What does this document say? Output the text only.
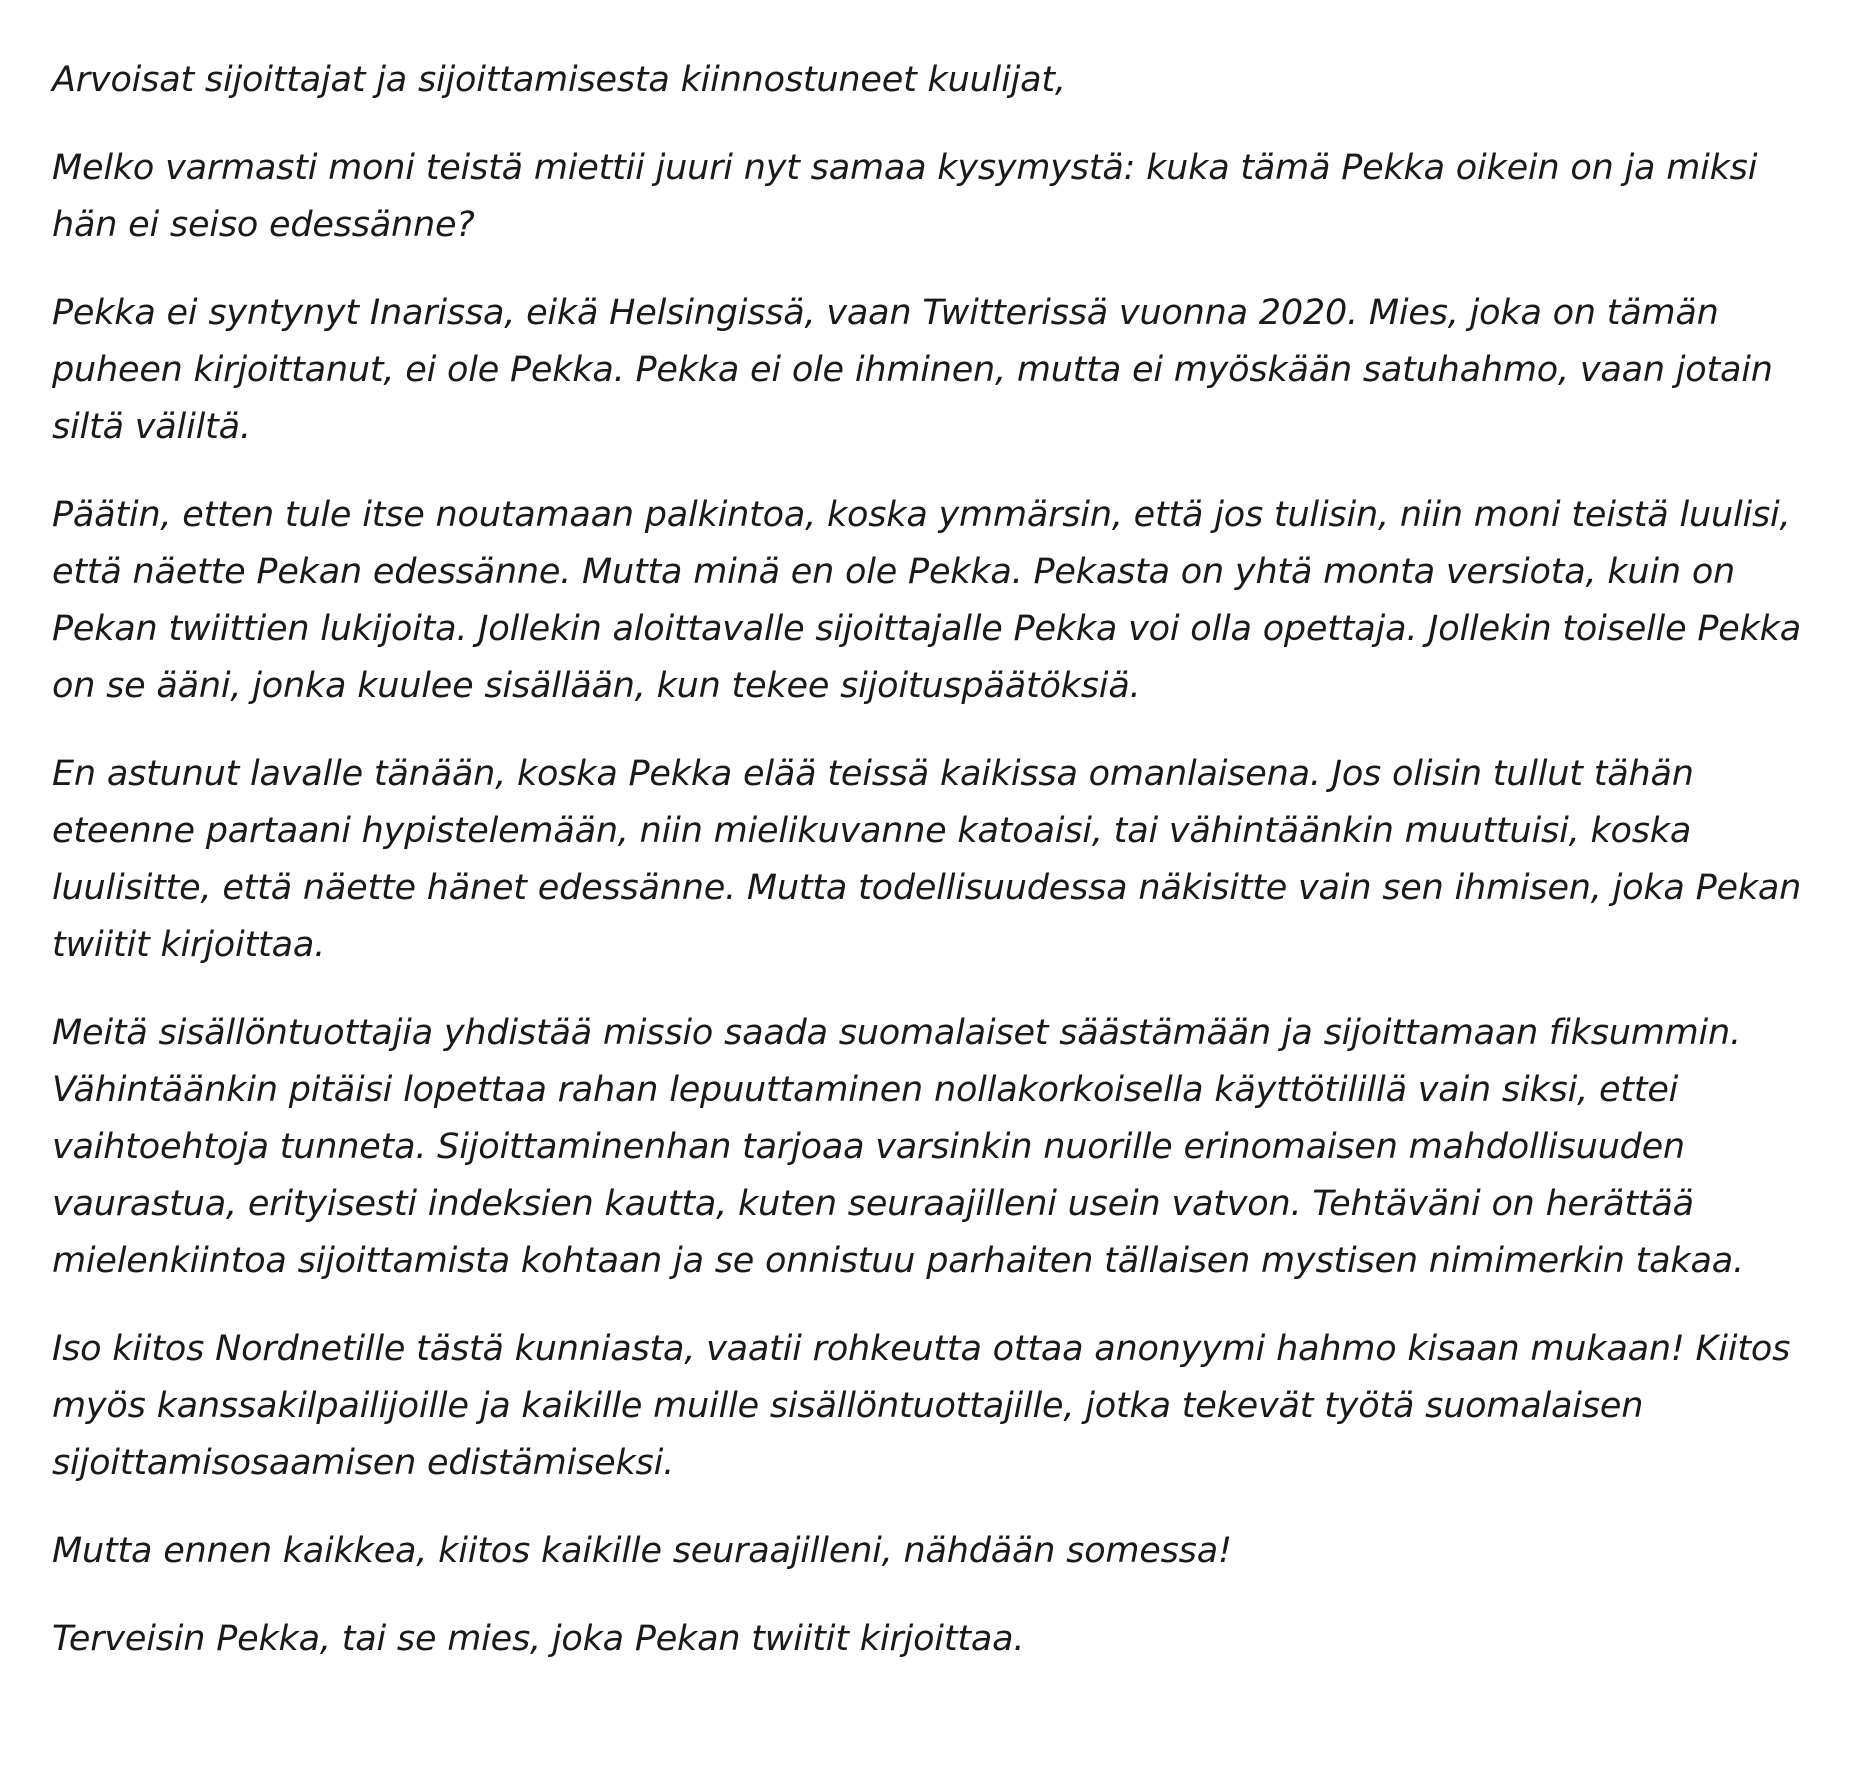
Arvoisat sijoittajat ja sijoittamisesta kiinnostuneet kuulijat,

Melko varmasti moni teistä miettii juuri nyt samaa kysymystä: kuka tämä Pekka oikein on ja miksi hän ei seiso edessänne?

Pekka ei syntynyt Inarissa, eikä Helsingissä, vaan Twitterissä vuonna 2020. Mies, joka on tämän puheen kirjoittanut, ei ole Pekka. Pekka ei ole ihminen, mutta ei myöskään satuhahmo, vaan jotain siltä väliltä.

Päätin, etten tule itse noutamaan palkintoa, koska ymmärsin, että jos tulisin, niin moni teistä luulisi, että näette Pekan edessänne. Mutta minä en ole Pekka. Pekasta on yhtä monta versiota, kuin on Pekan twiittien lukijoita. Jollekin aloittavalle sijoittajalle Pekka voi olla opettaja. Jollekin toiselle Pekka on se ääni, jonka kuulee sisällään, kun tekee sijoituspäätöksiä.

En astunut lavalle tänään, koska Pekka elää teissä kaikissa omanlaisena. Jos olisin tullut tähän eteenne partaani hypistelemään, niin mielikuvanne katoaisi, tai vähintäänkin muuttuisi, koska luulisitte, että näette hänet edessänne. Mutta todellisuudessa näkisitte vain sen ihmisen, joka Pekan twiitit kirjoittaa.

Meitä sisällöntuottajia yhdistää missio saada suomalaiset säästämään ja sijoittamaan fiksummin. Vähintäänkin pitäisi lopettaa rahan lepuuttaminen nollakorkoisella käyttötilillä vain siksi, ettei vaihtoehtoja tunneta. Sijoittaminenhan tarjoaa varsinkin nuorille erinomaisen mahdollisuuden vaurastua, erityisesti indeksien kautta, kuten seuraajilleni usein vatvon. Tehtäväni on herättää mielenkiintoa sijoittamista kohtaan ja se onnistuu parhaiten tällaisen mystisen nimimerkin takaa.

Iso kiitos Nordnetille tästä kunniasta, vaatii rohkeutta ottaa anonyymi hahmo kisaan mukaan! Kiitos myös kanssakilpailijoille ja kaikille muille sisällöntuottajille, jotka tekevät työtä suomalaisen sijoittamisosaamisen edistämiseksi.

Mutta ennen kaikkea, kiitos kaikille seuraajilleni, nähdään somessa!

Terveisin Pekka, tai se mies, joka Pekan twiitit kirjoittaa.
